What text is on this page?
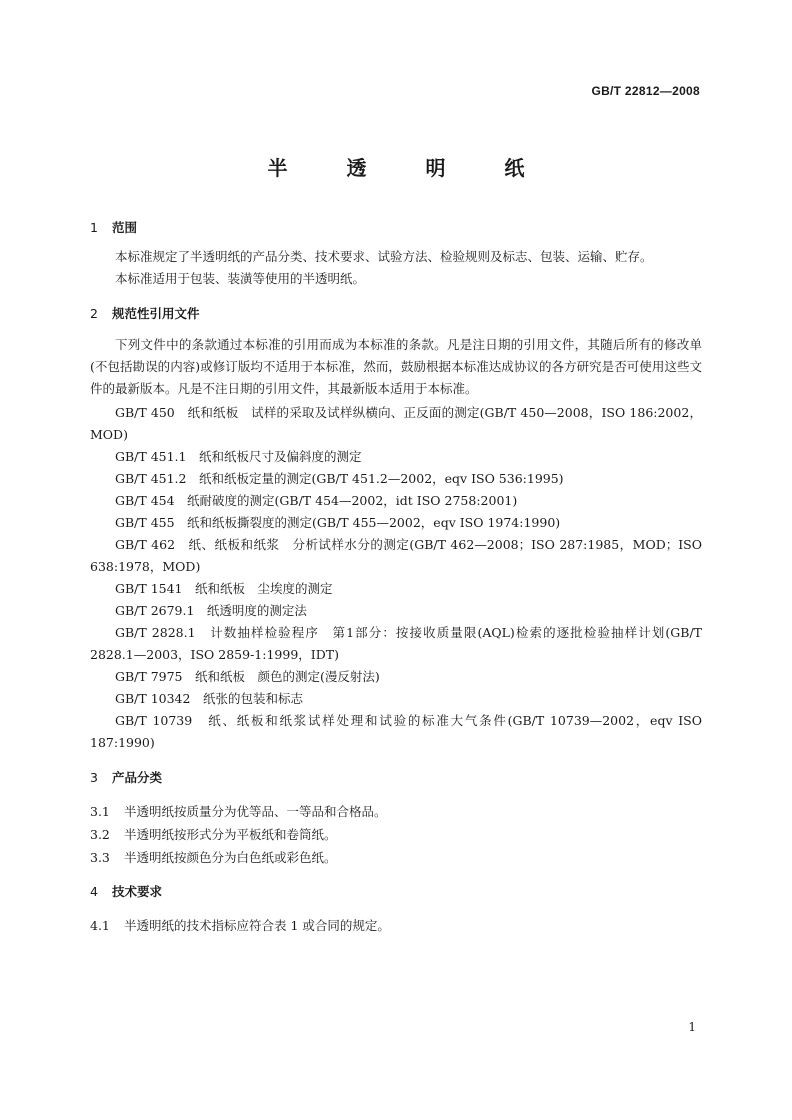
GB/T 22812—2008
半 透 明 纸
1 范围
本标准规定了半透明纸的产品分类、技术要求、试验方法、检验规则及标志、包装、运输、贮存。
本标准适用于包装、装潢等使用的半透明纸。
2 规范性引用文件
下列文件中的条款通过本标准的引用而成为本标准的条款。凡是注日期的引用文件，其随后所有的修改单(不包括勘误的内容)或修订版均不适用于本标准，然而，鼓励根据本标准达成协议的各方研究是否可使用这些文件的最新版本。凡是不注日期的引用文件，其最新版本适用于本标准。
GB/T 450　纸和纸板　试样的采取及试样纵横向、正反面的测定(GB/T 450—2008，ISO 186:2002，MOD)
GB/T 451.1　纸和纸板尺寸及偏斜度的测定
GB/T 451.2　纸和纸板定量的测定(GB/T 451.2—2002，eqv ISO 536:1995)
GB/T 454　纸耐破度的测定(GB/T 454—2002，idt ISO 2758:2001)
GB/T 455　纸和纸板撕裂度的测定(GB/T 455—2002，eqv ISO 1974:1990)
GB/T 462　纸、纸板和纸浆　分析试样水分的测定(GB/T 462—2008；ISO 287:1985，MOD；ISO 638:1978，MOD)
GB/T 1541　纸和纸板　尘埃度的测定
GB/T 2679.1　纸透明度的测定法
GB/T 2828.1　计数抽样检验程序　第1部分：按接收质量限(AQL)检索的逐批检验抽样计划(GB/T 2828.1—2003，ISO 2859-1:1999，IDT)
GB/T 7975　纸和纸板　颜色的测定(漫反射法)
GB/T 10342　纸张的包装和标志
GB/T 10739　纸、纸板和纸浆试样处理和试验的标准大气条件(GB/T 10739—2002，eqv ISO 187:1990)
3 产品分类
3.1 半透明纸按质量分为优等品、一等品和合格品。
3.2 半透明纸按形式分为平板纸和卷筒纸。
3.3 半透明纸按颜色分为白色纸或彩色纸。
4 技术要求
4.1 半透明纸的技术指标应符合表 1 或合同的规定。
1
